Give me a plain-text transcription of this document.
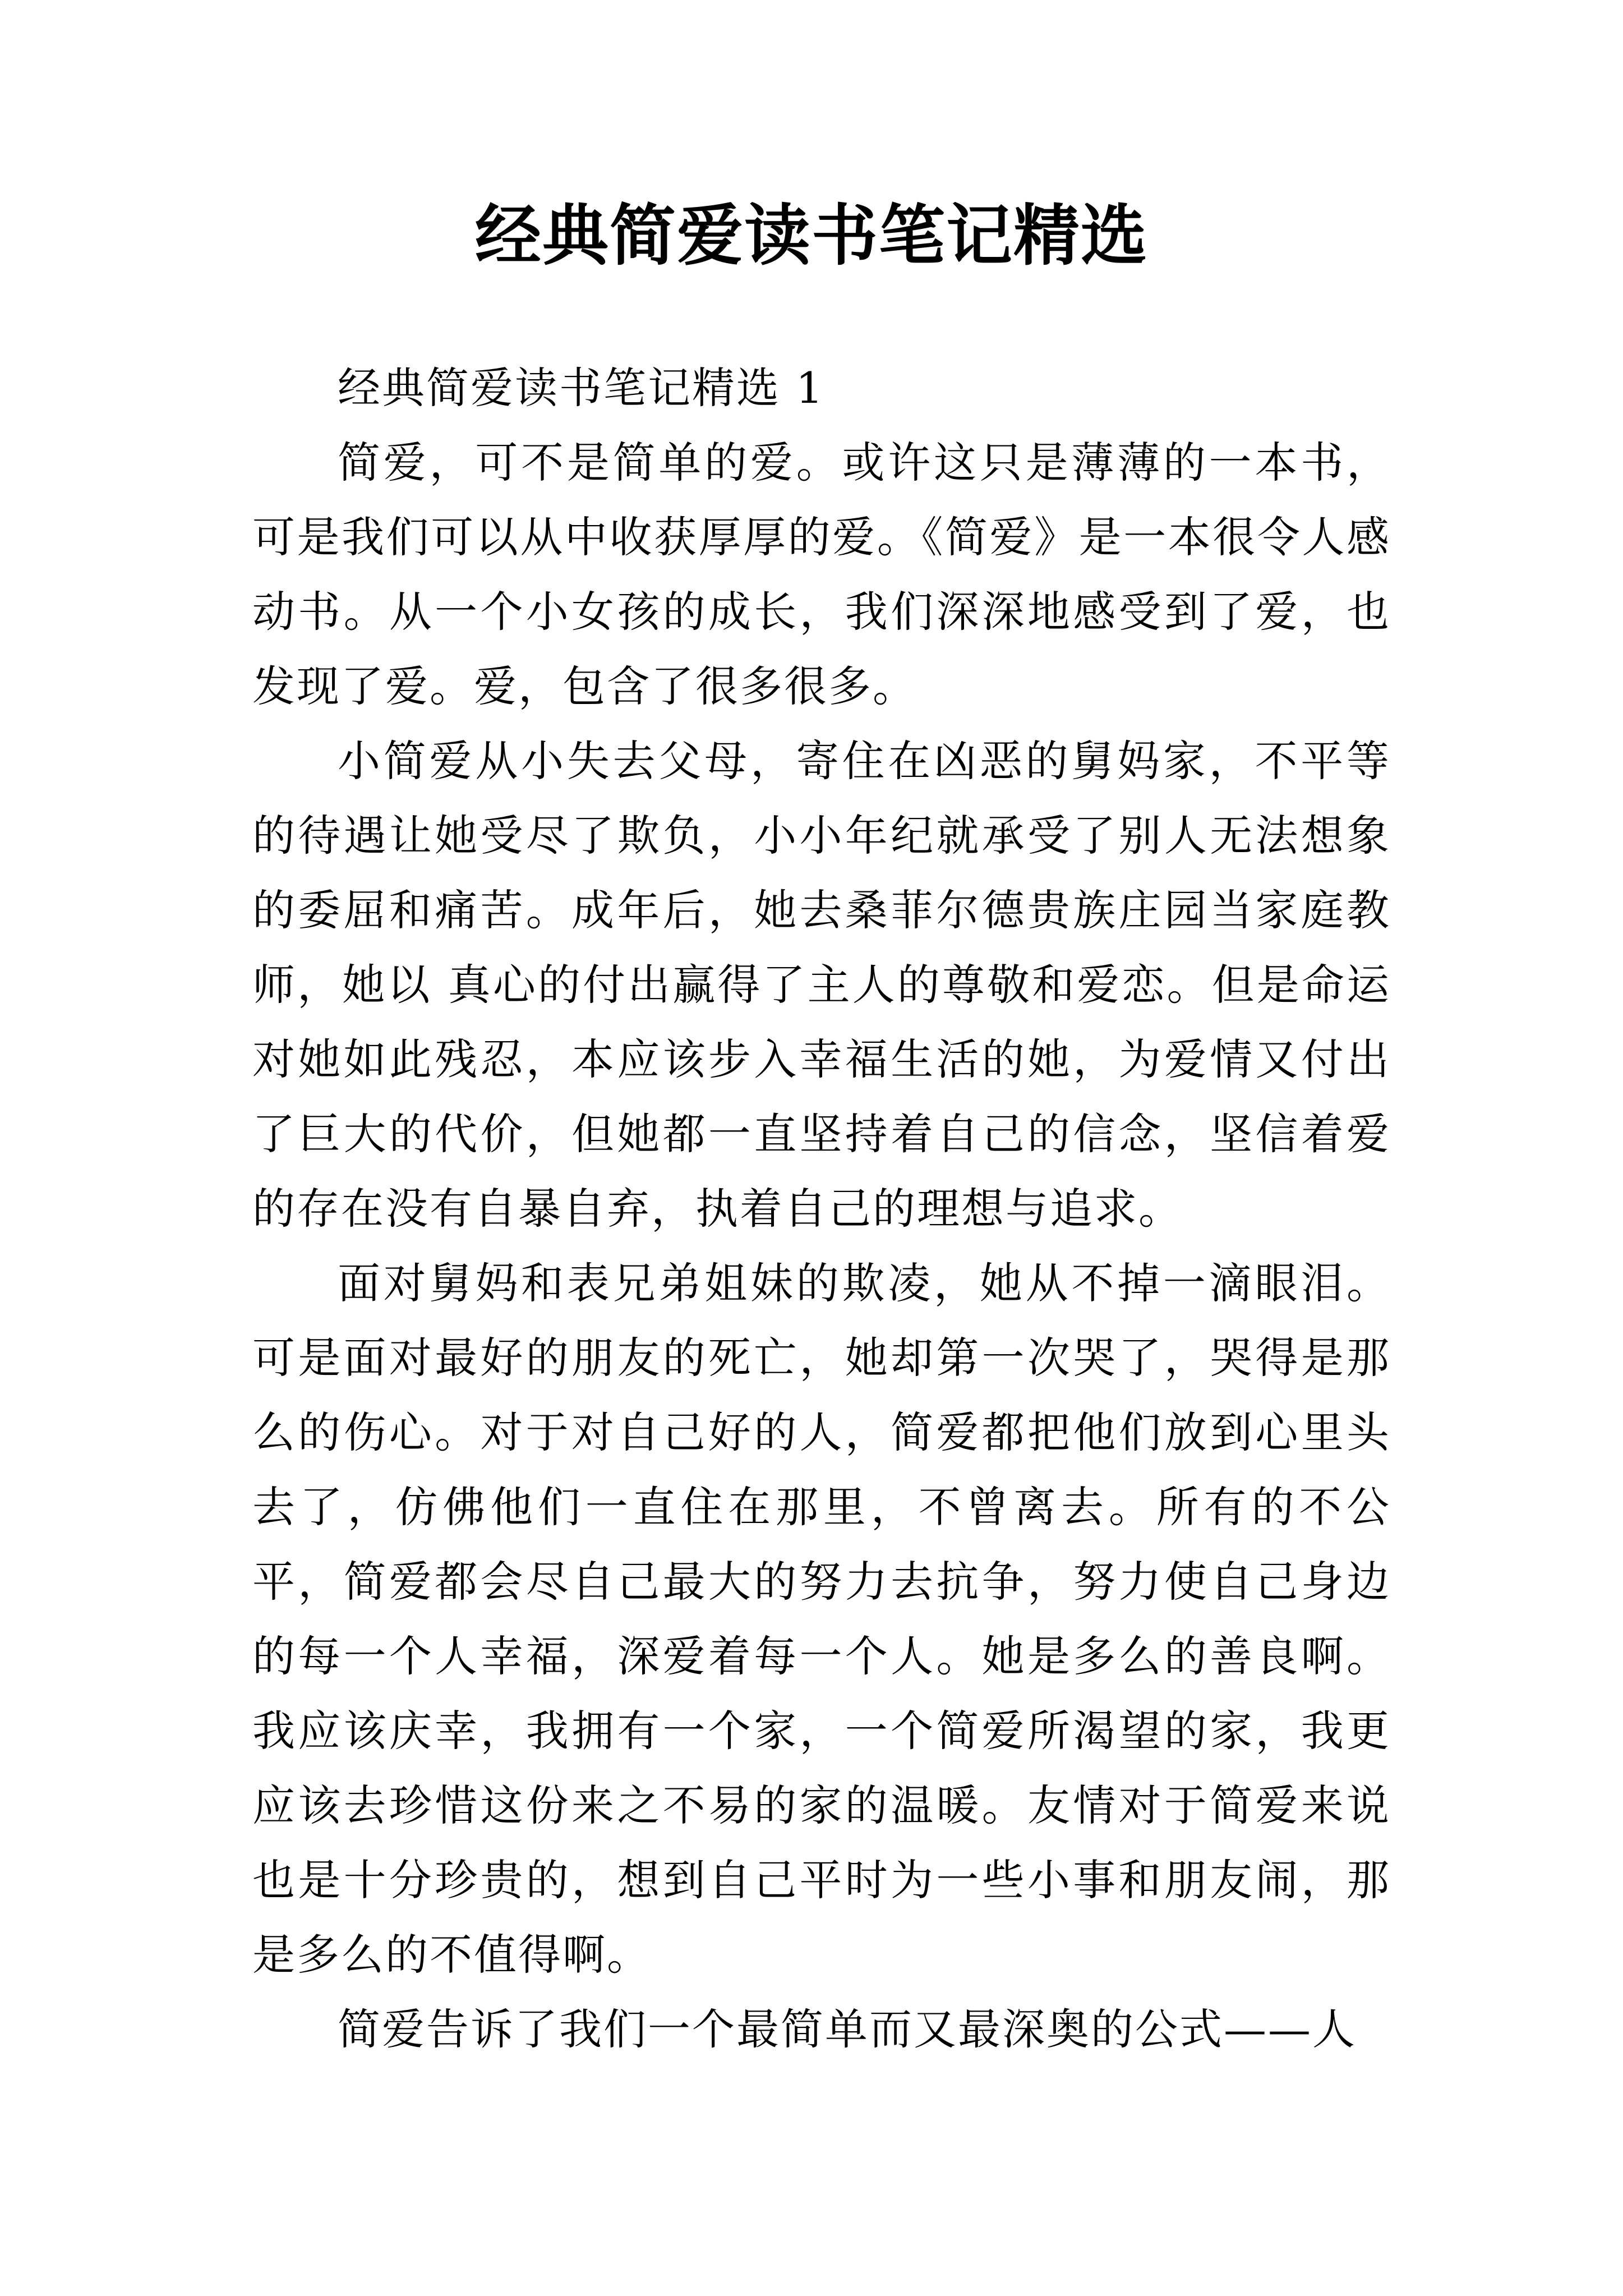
经典简爱读书笔记精选

经典简爱读书笔记精选 1

简爱，可不是简单的爱。或许这只是薄薄的一本书，可是我们可以从中收获厚厚的爱。《简爱》是一本很令人感动书。从一个小女孩的成长，我们深深地感受到了爱，也发现了爱。爱，包含了很多很多。

小简爱从小失去父母，寄住在凶恶的舅妈家，不平等的待遇让她受尽了欺负，小小年纪就承受了别人无法想象的委屈和痛苦。成年后，她去桑菲尔德贵族庄园当家庭教师，她以 真心的付出赢得了主人的尊敬和爱恋。但是命运对她如此残忍，本应该步入幸福生活的她，为爱情又付出了巨大的代价，但她都一直坚持着自己的信念，坚信着爱的存在没有自暴自弃，执着自己的理想与追求。

面对舅妈和表兄弟姐妹的欺凌，她从不掉一滴眼泪。可是面对最好的朋友的死亡，她却第一次哭了，哭得是那么的伤心。对于对自己好的人，简爱都把他们放到心里头去了，仿佛他们一直住在那里，不曾离去。所有的不公平，简爱都会尽自己最大的努力去抗争，努力使自己身边的每一个人幸福，深爱着每一个人。她是多么的善良啊。我应该庆幸，我拥有一个家，一个简爱所渴望的家，我更应该去珍惜这份来之不易的家的温暖。友情对于简爱来说也是十分珍贵的，想到自己平时为一些小事和朋友闹，那是多么的不值得啊。

简爱告诉了我们一个最简单而又最深奥的公式——人
